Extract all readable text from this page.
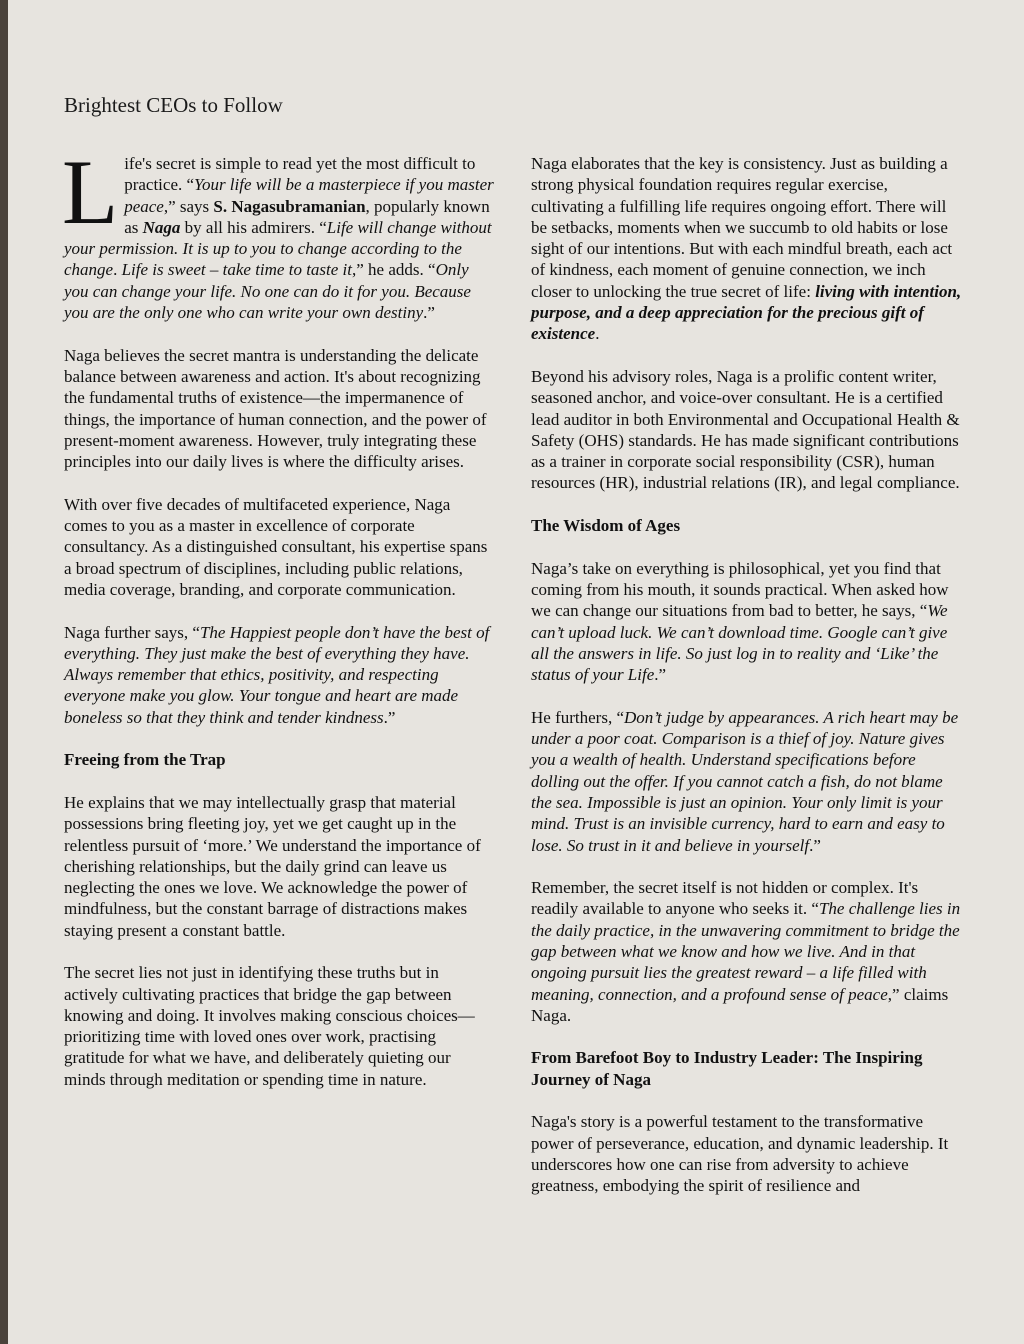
Brightest CEOs to Follow

Life's secret is simple to read yet the most difficult to practice. “Your life will be a masterpiece if you master peace,” says S. Nagasubramanian, popularly known as Naga by all his admirers. “Life will change without your permission. It is up to you to change according to the change. Life is sweet – take time to taste it,” he adds. “Only you can change your life. No one can do it for you. Because you are the only one who can write your own destiny.”

Naga believes the secret mantra is understanding the delicate balance between awareness and action. It's about recognizing the fundamental truths of existence—the impermanence of things, the importance of human connection, and the power of present-moment awareness. However, truly integrating these principles into our daily lives is where the difficulty arises.

With over five decades of multifaceted experience, Naga comes to you as a master in excellence of corporate consultancy. As a distinguished consultant, his expertise spans a broad spectrum of disciplines, including public relations, media coverage, branding, and corporate communication.

Naga further says, “The Happiest people don’t have the best of everything. They just make the best of everything they have. Always remember that ethics, positivity, and respecting everyone make you glow. Your tongue and heart are made boneless so that they think and tender kindness.”

Freeing from the Trap

He explains that we may intellectually grasp that material possessions bring fleeting joy, yet we get caught up in the relentless pursuit of ‘more.’ We understand the importance of cherishing relationships, but the daily grind can leave us neglecting the ones we love. We acknowledge the power of mindfulness, but the constant barrage of distractions makes staying present a constant battle.

The secret lies not just in identifying these truths but in actively cultivating practices that bridge the gap between knowing and doing. It involves making conscious choices—prioritizing time with loved ones over work, practising gratitude for what we have, and deliberately quieting our minds through meditation or spending time in nature.

Naga elaborates that the key is consistency. Just as building a strong physical foundation requires regular exercise, cultivating a fulfilling life requires ongoing effort. There will be setbacks, moments when we succumb to old habits or lose sight of our intentions. But with each mindful breath, each act of kindness, each moment of genuine connection, we inch closer to unlocking the true secret of life: living with intention, purpose, and a deep appreciation for the precious gift of existence.

Beyond his advisory roles, Naga is a prolific content writer, seasoned anchor, and voice-over consultant. He is a certified lead auditor in both Environmental and Occupational Health & Safety (OHS) standards. He has made significant contributions as a trainer in corporate social responsibility (CSR), human resources (HR), industrial relations (IR), and legal compliance.

The Wisdom of Ages

Naga’s take on everything is philosophical, yet you find that coming from his mouth, it sounds practical. When asked how we can change our situations from bad to better, he says, “We can’t upload luck. We can’t download time. Google can’t give all the answers in life. So just log in to reality and ‘Like’ the status of your Life.”

He furthers, “Don’t judge by appearances. A rich heart may be under a poor coat. Comparison is a thief of joy. Nature gives you a wealth of health. Understand specifications before dolling out the offer. If you cannot catch a fish, do not blame the sea. Impossible is just an opinion. Your only limit is your mind. Trust is an invisible currency, hard to earn and easy to lose. So trust in it and believe in yourself.”

Remember, the secret itself is not hidden or complex. It's readily available to anyone who seeks it. “The challenge lies in the daily practice, in the unwavering commitment to bridge the gap between what we know and how we live. And in that ongoing pursuit lies the greatest reward – a life filled with meaning, connection, and a profound sense of peace,” claims Naga.

From Barefoot Boy to Industry Leader: The Inspiring Journey of Naga

Naga's story is a powerful testament to the transformative power of perseverance, education, and dynamic leadership. It underscores how one can rise from adversity to achieve greatness, embodying the spirit of resilience and
